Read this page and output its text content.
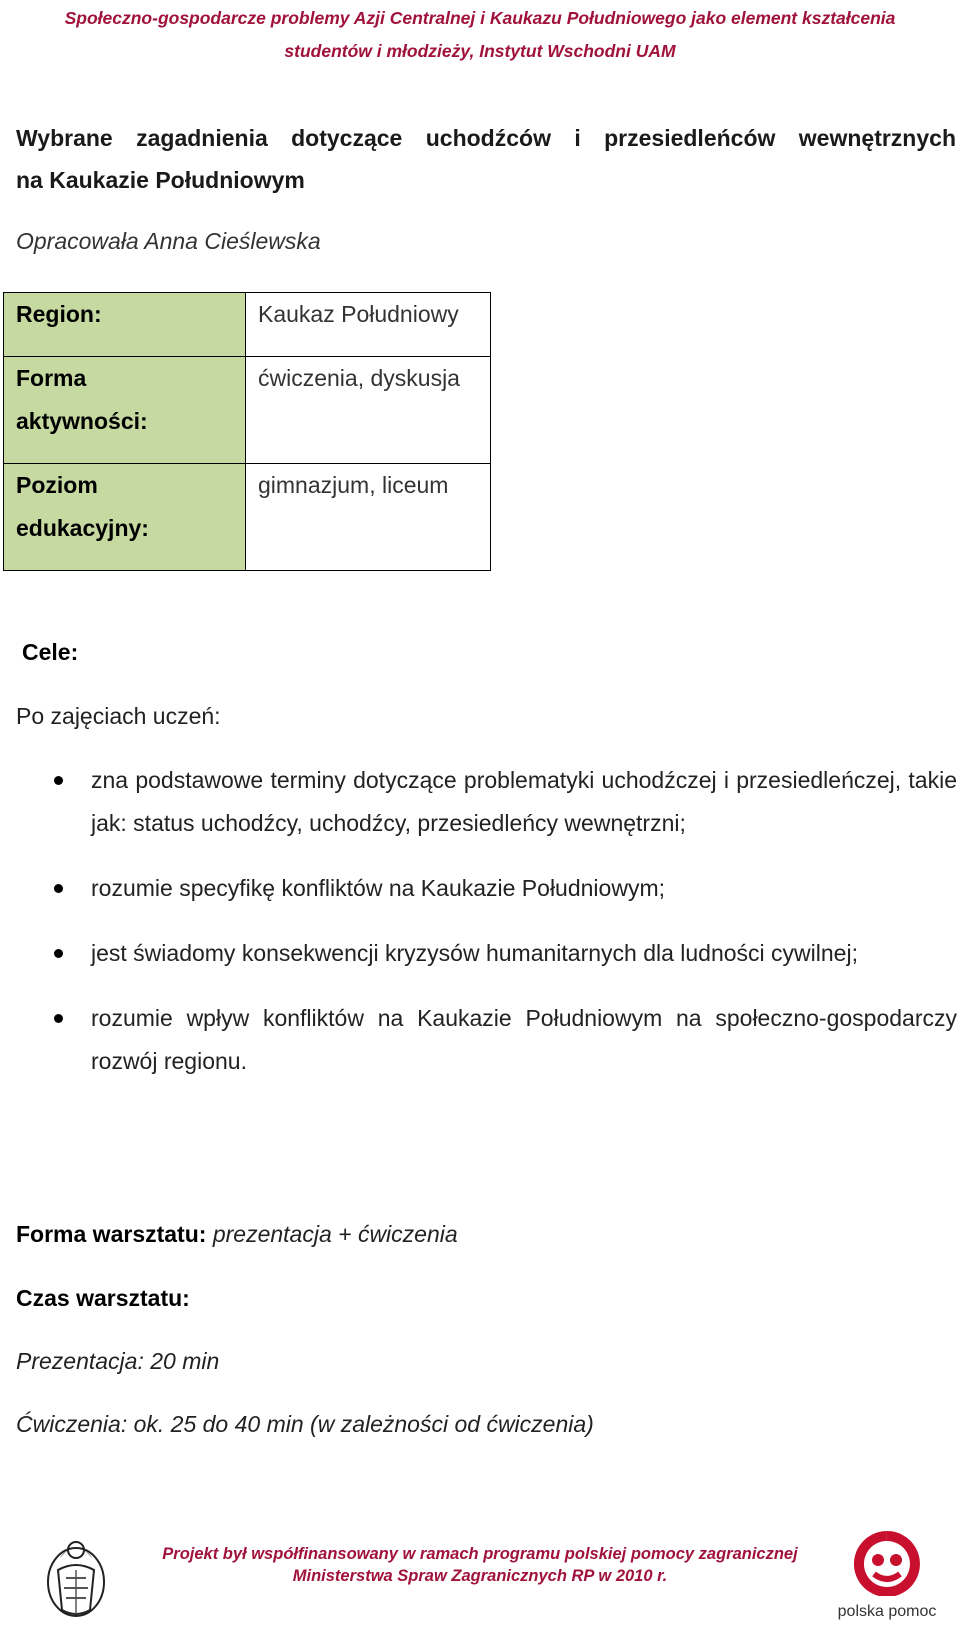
Społeczno-gospodarcze problemy Azji Centralnej i Kaukazu Południowego jako element kształcenia
studentów i młodzieży, Instytut Wschodni UAM
Wybrane zagadnienia dotyczące uchodźców i przesiedleńców wewnętrznych
na Kaukazie Południowym
Opracowała Anna Cieślewska
Region:	Kaukaz Południowy

Forma
aktywności:	ćwiczenia, dyskusja

Poziom
edukacyjny:	gimnazjum, liceum
Cele:
Po zajęciach uczeń:
zna podstawowe terminy dotyczące problematyki uchodźczej i przesiedleńczej, takie jak: status uchodźcy, uchodźcy, przesiedleńcy wewnętrzni;
rozumie specyfikę konfliktów na Kaukazie Południowym;
jest świadomy konsekwencji kryzysów humanitarnych dla ludności cywilnej;
rozumie wpływ konfliktów na Kaukazie Południowym na społeczno-gospodarczy rozwój regionu.
Forma warsztatu: prezentacja + ćwiczenia
Czas warsztatu:
Prezentacja: 20 min
Ćwiczenia: ok. 25 do 40 min (w zależności od ćwiczenia)
Projekt był współfinansowany w ramach programu polskiej pomocy zagranicznej
Ministerstwa Spraw Zagranicznych RP w 2010 r.
polska pomoc
